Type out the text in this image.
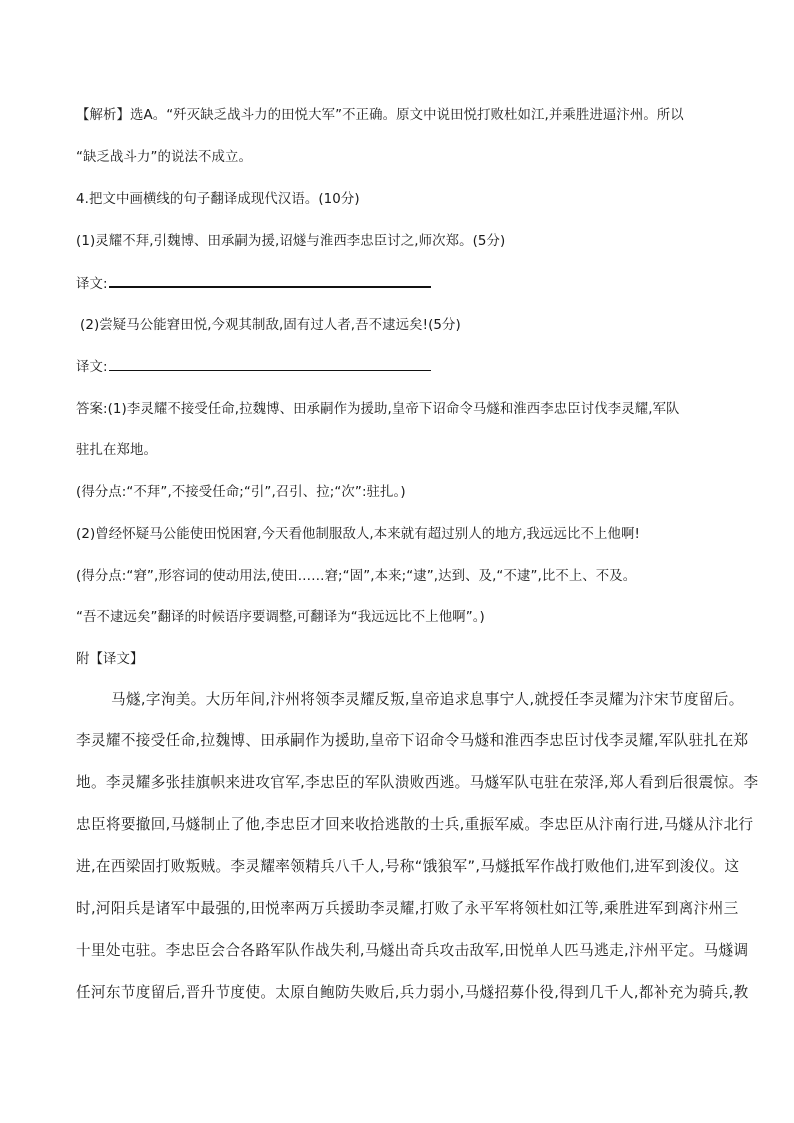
【解析】选A。“歼灭缺乏战斗力的田悦大军”不正确。原文中说田悦打败杜如江,并乘胜进逼汴州。所以
“缺乏战斗力”的说法不成立。
4.把文中画横线的句子翻译成现代汉语。(10分)
(1)灵耀不拜,引魏博、田承嗣为援,诏燧与淮西李忠臣讨之,师次郑。(5分)
译文:
(2)尝疑马公能窘田悦,今观其制敌,固有过人者,吾不逮远矣!(5分)
译文:
答案:(1)李灵耀不接受任命,拉魏博、田承嗣作为援助,皇帝下诏命令马燧和淮西李忠臣讨伐李灵耀,军队
驻扎在郑地。
(得分点:“不拜”,不接受任命;“引”,召引、拉;“次”:驻扎。)
(2)曾经怀疑马公能使田悦困窘,今天看他制服敌人,本来就有超过别人的地方,我远远比不上他啊!
(得分点:“窘”,形容词的使动用法,使田……窘;“固”,本来;“逮”,达到、及,“不逮”,比不上、不及。
“吾不逮远矣”翻译的时候语序要调整,可翻译为“我远远比不上他啊”。)
附【译文】
马燧,字洵美。大历年间,汴州将领李灵耀反叛,皇帝追求息事宁人,就授任李灵耀为汴宋节度留后。
李灵耀不接受任命,拉魏博、田承嗣作为援助,皇帝下诏命令马燧和淮西李忠臣讨伐李灵耀,军队驻扎在郑
地。李灵耀多张挂旗帜来进攻官军,李忠臣的军队溃败西逃。马燧军队屯驻在荥泽,郑人看到后很震惊。李
忠臣将要撤回,马燧制止了他,李忠臣才回来收拾逃散的士兵,重振军威。李忠臣从汴南行进,马燧从汴北行
进,在西梁固打败叛贼。李灵耀率领精兵八千人,号称“饿狼军”,马燧抵军作战打败他们,进军到浚仪。这
时,河阳兵是诸军中最强的,田悦率两万兵援助李灵耀,打败了永平军将领杜如江等,乘胜进军到离汴州三
十里处屯驻。李忠臣会合各路军队作战失利,马燧出奇兵攻击敌军,田悦单人匹马逃走,汴州平定。马燧调
任河东节度留后,晋升节度使。太原自鲍防失败后,兵力弱小,马燧招募仆役,得到几千人,都补充为骑兵,教
